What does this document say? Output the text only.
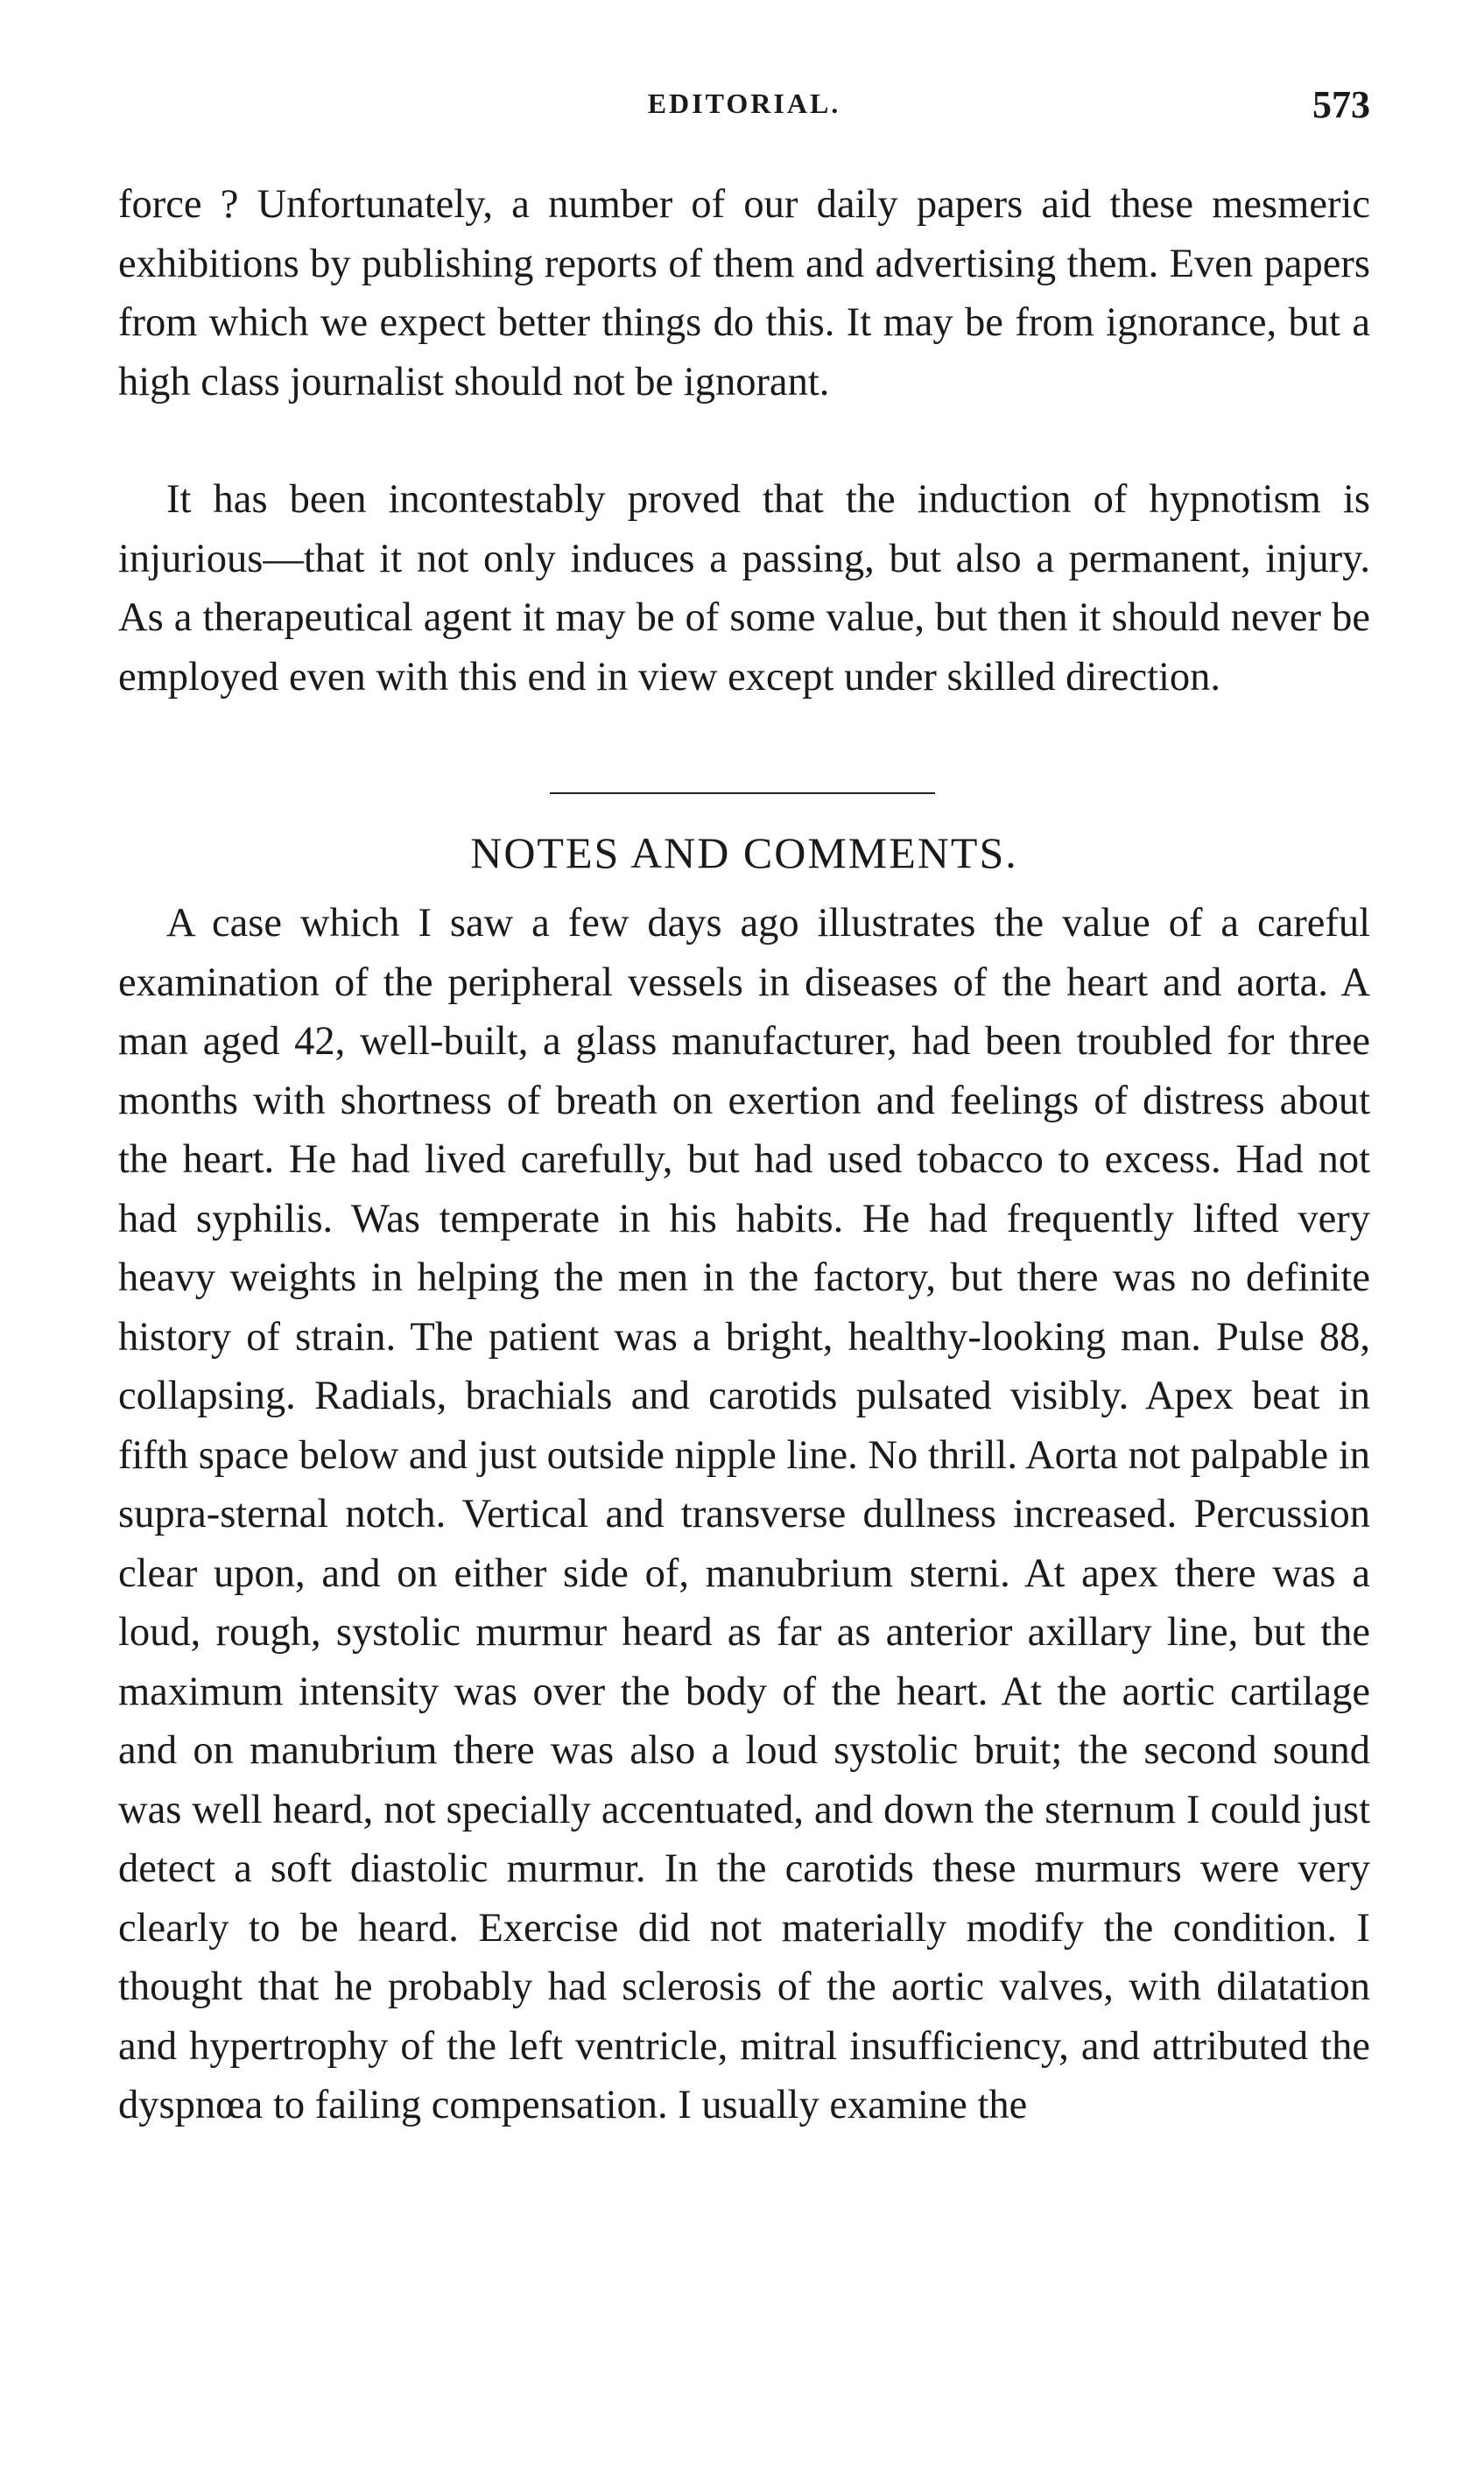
EDITORIAL.	573

force ? Unfortunately, a number of our daily papers aid these mesmeric exhibitions by publishing reports of them and advertising them. Even papers from which we expect better things do this. It may be from ignorance, but a high class journalist should not be ignorant.

It has been incontestably proved that the induction of hypnotism is injurious—that it not only induces a passing, but also a permanent, injury. As a therapeutical agent it may be of some value, but then it should never be employed even with this end in view except under skilled direction.

NOTES AND COMMENTS.

A case which I saw a few days ago illustrates the value of a careful examination of the peripheral vessels in diseases of the heart and aorta. A man aged 42, well-built, a glass manufacturer, had been troubled for three months with shortness of breath on exertion and feelings of distress about the heart. He had lived carefully, but had used tobacco to excess. Had not had syphilis. Was temperate in his habits. He had frequently lifted very heavy weights in helping the men in the factory, but there was no definite history of strain. The patient was a bright, healthy-looking man. Pulse 88, collapsing. Radials, brachials and carotids pulsated visibly. Apex beat in fifth space below and just outside nipple line. No thrill. Aorta not palpable in supra-sternal notch. Vertical and transverse dullness increased. Percussion clear upon, and on either side of, manubrium sterni. At apex there was a loud, rough, systolic murmur heard as far as anterior axillary line, but the maximum intensity was over the body of the heart. At the aortic cartilage and on manubrium there was also a loud systolic bruit; the second sound was well heard, not specially accentuated, and down the sternum I could just detect a soft diastolic murmur. In the carotids these murmurs were very clearly to be heard. Exercise did not materially modify the condition. I thought that he probably had sclerosis of the aortic valves, with dilatation and hypertrophy of the left ventricle, mitral insufficiency, and attributed the dyspnœa to failing compensation. I usually examine the
